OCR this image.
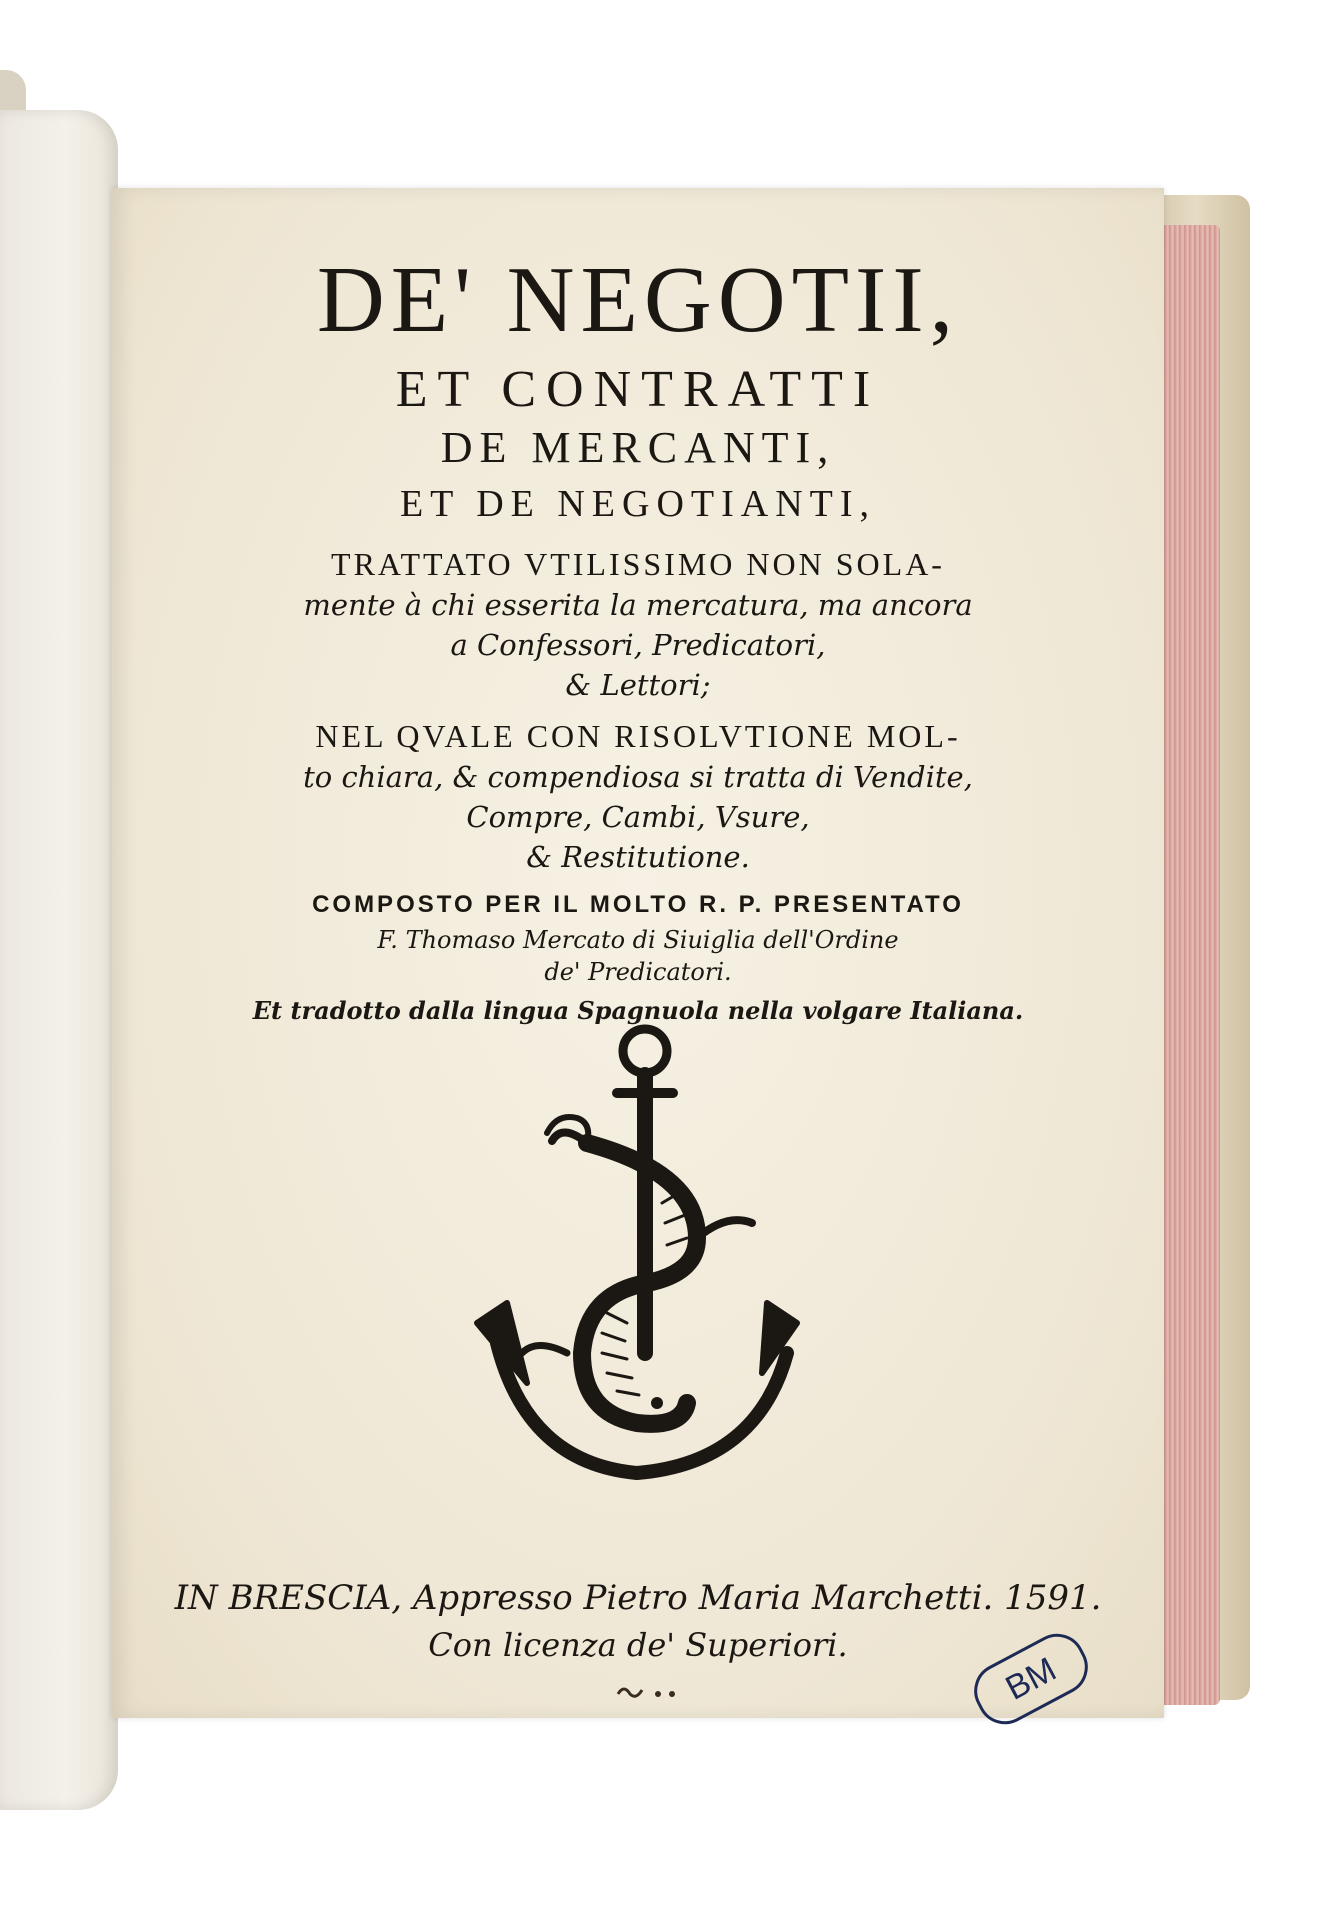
DE' NEGOTII,
ET CONTRATTI
DE MERCANTI,
ET DE NEGOTIANTI,
TRATTATO VTILISSIMO NON SOLA-
mente à chi esserita la mercatura, ma ancora
a Confessori, Predicatori,
& Lettori;
NEL QVALE CON RISOLVTIONE MOL-
to chiara, & compendiosa si tratta di Vendite,
Compre, Cambi, Vsure,
& Restitutione.
COMPOSTO PER IL MOLTO R. P. PRESENTATO
F. Thomaso Mercato di Siuiglia dell'Ordine
de' Predicatori.
Et tradotto dalla lingua Spagnuola nella volgare Italiana.
IN BRESCIA, Appresso Pietro Maria Marchetti. 1591.
Con licenza de' Superiori.
BM
